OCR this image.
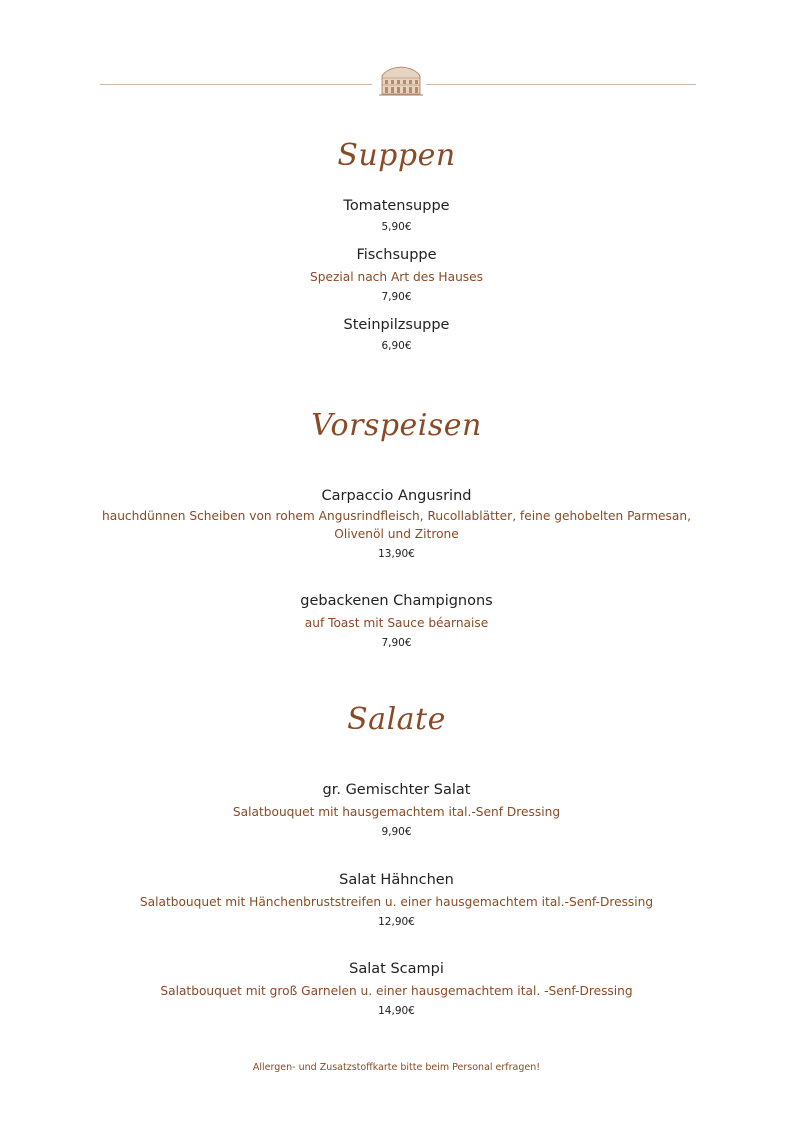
Suppen
Tomatensuppe
5,90€
Fischsuppe
Spezial nach Art des Hauses
7,90€
Steinpilzsuppe
6,90€
Vorspeisen
Carpaccio Angusrind
hauchdünnen Scheiben von rohem Angusrindfleisch, Rucollablätter, feine gehobelten Parmesan,
Olivenöl und Zitrone
13,90€
gebackenen Champignons
auf Toast mit Sauce béarnaise
7,90€
Salate
gr. Gemischter Salat
Salatbouquet mit hausgemachtem ital.-Senf Dressing
9,90€
Salat Hähnchen
Salatbouquet mit Hänchenbruststreifen u. einer hausgemachtem ital.-Senf-Dressing
12,90€
Salat Scampi
Salatbouquet mit groß Garnelen u. einer hausgemachtem ital. -Senf-Dressing
14,90€
Allergen- und Zusatzstoffkarte bitte beim Personal erfragen!
